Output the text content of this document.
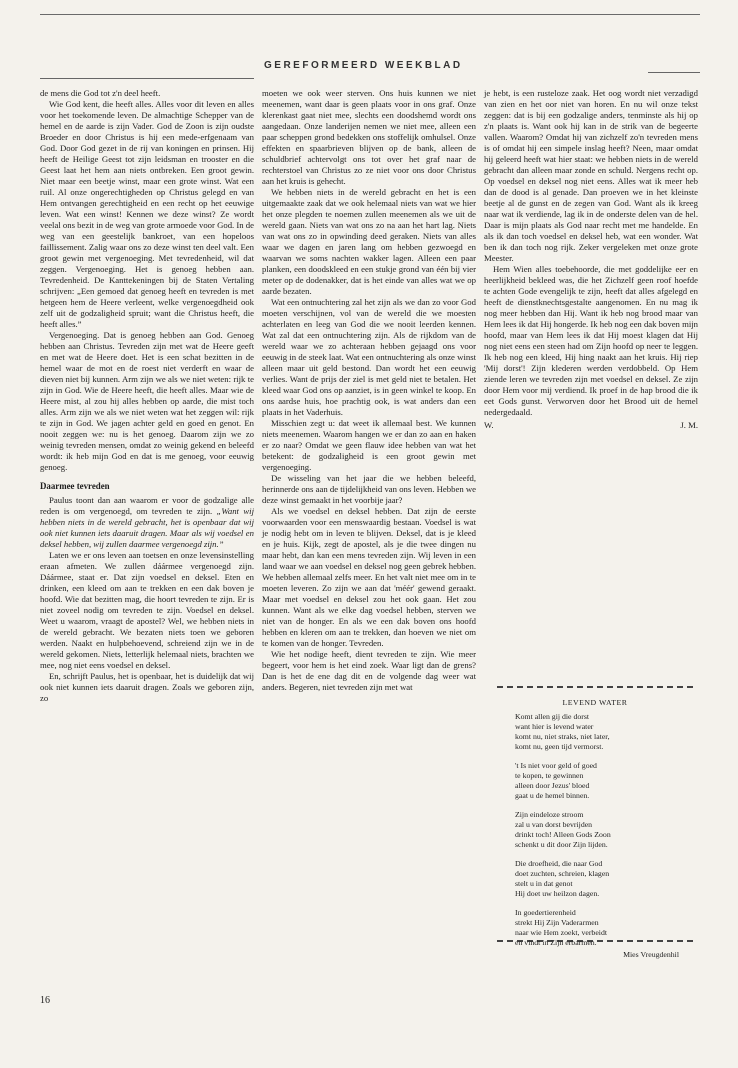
GEREFORMEERD WEEKBLAD

de mens die God tot z'n deel heeft.

Wie God kent, die heeft alles. Alles voor dit leven en alles voor het toekomende leven. De almachtige Schepper van de hemel en de aarde is zijn Vader. God de Zoon is zijn oudste Broeder en door Christus is hij een mede-erfgenaam van God. Door God gezet in de rij van koningen en prinsen. Hij heeft de Heilige Geest tot zijn leidsman en trooster en die Geest laat het hem aan niets ontbreken. Een groot gewin. Niet maar een beetje winst, maar een grote winst. Wat een ruil. Al onze ongerechtigheden op Christus gelegd en van Hem ontvangen gerechtigheid en een recht op het eeuwige leven. Wat een winst! Kennen we deze winst? Ze wordt veelal ons bezit in de weg van grote armoede voor God. In de weg van een geestelijk bankroet, van een hopeloos faillissement. Zalig waar ons zo deze winst ten deel valt. Een groot gewin met vergenoeging. Met tevredenheid, wil dat zeggen. Vergenoeging. Het is genoeg hebben aan. Tevredenheid. De Kanttekeningen bij de Staten Vertaling schrijven: „Een gemoed dat genoeg heeft en tevreden is met hetgeen hem de Heere verleent, welke vergenoegdheid ook zelf uit de godzaligheid spruit; want die Christus heeft, die heeft alles.”

Vergenoeging. Dat is genoeg hebben aan God. Genoeg hebben aan Christus. Tevreden zijn met wat de Heere geeft en met wat de Heere doet. Het is een schat bezitten in de hemel waar de mot en de roest niet verderft en waar de dieven niet bij kunnen. Arm zijn we als we niet weten: rijk te zijn in God. Wie de Heere heeft, die heeft alles. Maar wie de Heere mist, al zou hij alles hebben op aarde, die mist toch alles. Arm zijn we als we niet weten wat het zeggen wil: rijk te zijn in God. We jagen achter geld en goed en genot. En nooit zeggen we: nu is het genoeg. Daarom zijn we zo weinig tevreden mensen, omdat zo weinig gekend en beleefd wordt: ik heb mijn God en dat is me genoeg, voor eeuwig genoeg.

Daarmee tevreden

Paulus toont dan aan waarom er voor de godzalige alle reden is om vergenoegd, om tevreden te zijn. „Want wij hebben niets in de wereld gebracht, het is openbaar dat wij ook niet kunnen iets daaruit dragen. Maar als wij voedsel en deksel hebben, wij zullen daarmee vergenoegd zijn.”

Laten we er ons leven aan toetsen en onze levensinstelling eraan afmeten. We zullen dáármee vergenoegd zijn. Dáármee, staat er. Dat zijn voedsel en deksel. Eten en drinken, een kleed om aan te trekken en een dak boven je hoofd. Wie dat bezitten mag, die hoort tevreden te zijn. Er is niet zoveel nodig om tevreden te zijn. Voedsel en deksel. Weet u waarom, vraagt de apostel? Wel, we hebben niets in de wereld gebracht. We bezaten niets toen we geboren werden. Naakt en hulpbehoevend, schreiend zijn we in de wereld gekomen. Niets, letterlijk helemaal niets, brachten we mee, nog niet eens voedsel en deksel.

En, schrijft Paulus, het is openbaar, het is duidelijk dat wij ook niet kunnen iets daaruit dragen. Zoals we geboren zijn, zo

moeten we ook weer sterven. Ons huis kunnen we niet meenemen, want daar is geen plaats voor in ons graf. Onze klerenkast gaat niet mee, slechts een doodshemd wordt ons aangedaan. Onze landerijen nemen we niet mee, alleen een paar scheppen grond bedekken ons stoffelijk omhulsel. Onze effekten en spaarbrieven blijven op de bank, alleen de schuldbrief achtervolgt ons tot over het graf naar de rechterstoel van Christus zo ze niet voor ons door Christus aan het kruis is gehecht.

We hebben niets in de wereld gebracht en het is een uitgemaakte zaak dat we ook helemaal niets van wat we hier het onze plegden te noemen zullen meenemen als we uit de wereld gaan. Niets van wat ons zo na aan het hart lag. Niets van wat ons zo in opwinding deed geraken. Niets van alles waar we dagen en jaren lang om hebben gezwoegd en waarvan we soms nachten wakker lagen. Alleen een paar planken, een doodskleed en een stukje grond van één bij vier meter op de dodenakker, dat is het einde van alles wat we op aarde bezaten.

Wat een ontnuchtering zal het zijn als we dan zo voor God moeten verschijnen, vol van de wereld die we moesten achterlaten en leeg van God die we nooit leerden kennen. Wat zal dat een ontnuchtering zijn. Als de rijkdom van de wereld waar we zo achteraan hebben gejaagd ons voor eeuwig in de steek laat. Wat een ontnuchtering als onze winst alleen maar uit geld bestond. Dan wordt het een eeuwig verlies. Want de prijs der ziel is met geld niet te betalen. Het kleed waar God ons op aanziet, is in geen winkel te koop. En ons aardse huis, hoe prachtig ook, is wat anders dan een plaats in het Vaderhuis.

Misschien zegt u: dat weet ik allemaal best. We kunnen niets meenemen. Waarom hangen we er dan zo aan en haken er zo naar? Omdat we geen flauw idee hebben van wat het betekent: de godzaligheid is een groot gewin met vergenoeging.

De wisseling van het jaar die we hebben beleefd, herinnerde ons aan de tijdelijkheid van ons leven. Hebben we deze winst gemaakt in het voorbije jaar?

Als we voedsel en deksel hebben. Dat zijn de eerste voorwaarden voor een menswaardig bestaan. Voedsel is wat je nodig hebt om in leven te blijven. Deksel, dat is je kleed en je huis. Kijk, zegt de apostel, als je die twee dingen nu maar hebt, dan kan een mens tevreden zijn. Wij leven in een land waar we aan voedsel en deksel nog geen gebrek hebben. We hebben allemaal zelfs meer. En het valt niet mee om in te moeten leveren. Zo zijn we aan dat 'méér' gewend geraakt. Maar met voedsel en deksel zou het ook gaan. Het zou kunnen. Want als we elke dag voedsel hebben, sterven we niet van de honger. En als we een dak boven ons hoofd hebben en kleren om aan te trekken, dan hoeven we niet om te komen van de honger. Tevreden.

Wie het nodige heeft, dient tevreden te zijn. Wie meer begeert, voor hem is het eind zoek. Waar ligt dan de grens? Dan is het de ene dag dit en de volgende dag weer wat anders. Begeren, niet tevreden zijn met wat

je hebt, is een rusteloze zaak. Het oog wordt niet verzadigd van zien en het oor niet van horen. En nu wil onze tekst zeggen: dat is bij een godzalige anders, tenminste als hij op z'n plaats is. Want ook hij kan in de strik van de begeerte vallen. Waarom? Omdat hij van zichzelf zo'n tevreden mens is of omdat hij een simpele inslag heeft? Neen, maar omdat hij geleerd heeft wat hier staat: we hebben niets in de wereld gebracht dan alleen maar zonde en schuld. Nergens recht op. Op voedsel en deksel nog niet eens. Alles wat ik meer heb dan de dood is al genade. Dan proeven we in het kleinste beetje al de gunst en de zegen van God. Want als ik kreeg naar wat ik verdiende, lag ik in de onderste delen van de hel. Daar is mijn plaats als God naar recht met me handelde. En als ik dan toch voedsel en deksel heb, wat een wonder. Wat ben ik dan toch nog rijk. Zeker vergeleken met onze grote Meester.

Hem Wien alles toebehoorde, die met goddelijke eer en heerlijkheid bekleed was, die het Zichzelf geen roof hoefde te achten Gode evengelijk te zijn, heeft dat alles afgelegd en heeft de dienstknechtsgestalte aangenomen. En nu mag ik nog meer hebben dan Hij. Want ik heb nog brood maar van Hem lees ik dat Hij hongerde. Ik heb nog een dak boven mijn hoofd, maar van Hem lees ik dat Hij moest klagen dat Hij nog niet eens een steen had om Zijn hoofd op neer te leggen. Ik heb nog een kleed, Hij hing naakt aan het kruis. Hij riep 'Mij dorst'! Zijn klederen werden verdobbeld. Op Hem ziende leren we tevreden zijn met voedsel en deksel. Ze zijn door Hem voor mij verdiend. Ik proef in de hap brood die ik eet Gods gunst. Verworven door het Brood uit de hemel nedergedaald.

W.	J. M.
LEVEND WATER
Komt allen gij die dorst
want hier is levend water
komt nu, niet straks, niet later,
komt nu, geen tijd vermorst.
't Is niet voor geld of goed
te kopen, te gewinnen
alleen door Jezus' bloed
gaat u de hemel binnen.
Zijn eindeloze stroom
zal u van dorst bevrijden
drinkt toch! Alleen Gods Zoon
schenkt u dit door Zijn lijden.
Die droefheid, die naar God
doet zuchten, schreien, klagen
stelt u in dat genot
Hij doet uw heilzon dagen.
In goedertierenheid
strekt Hij Zijn Vaderarmen
naar wie Hem zoekt, verbeidt
en vindt in Zijn erbarmen.
Mies Vreugdenhil
16
